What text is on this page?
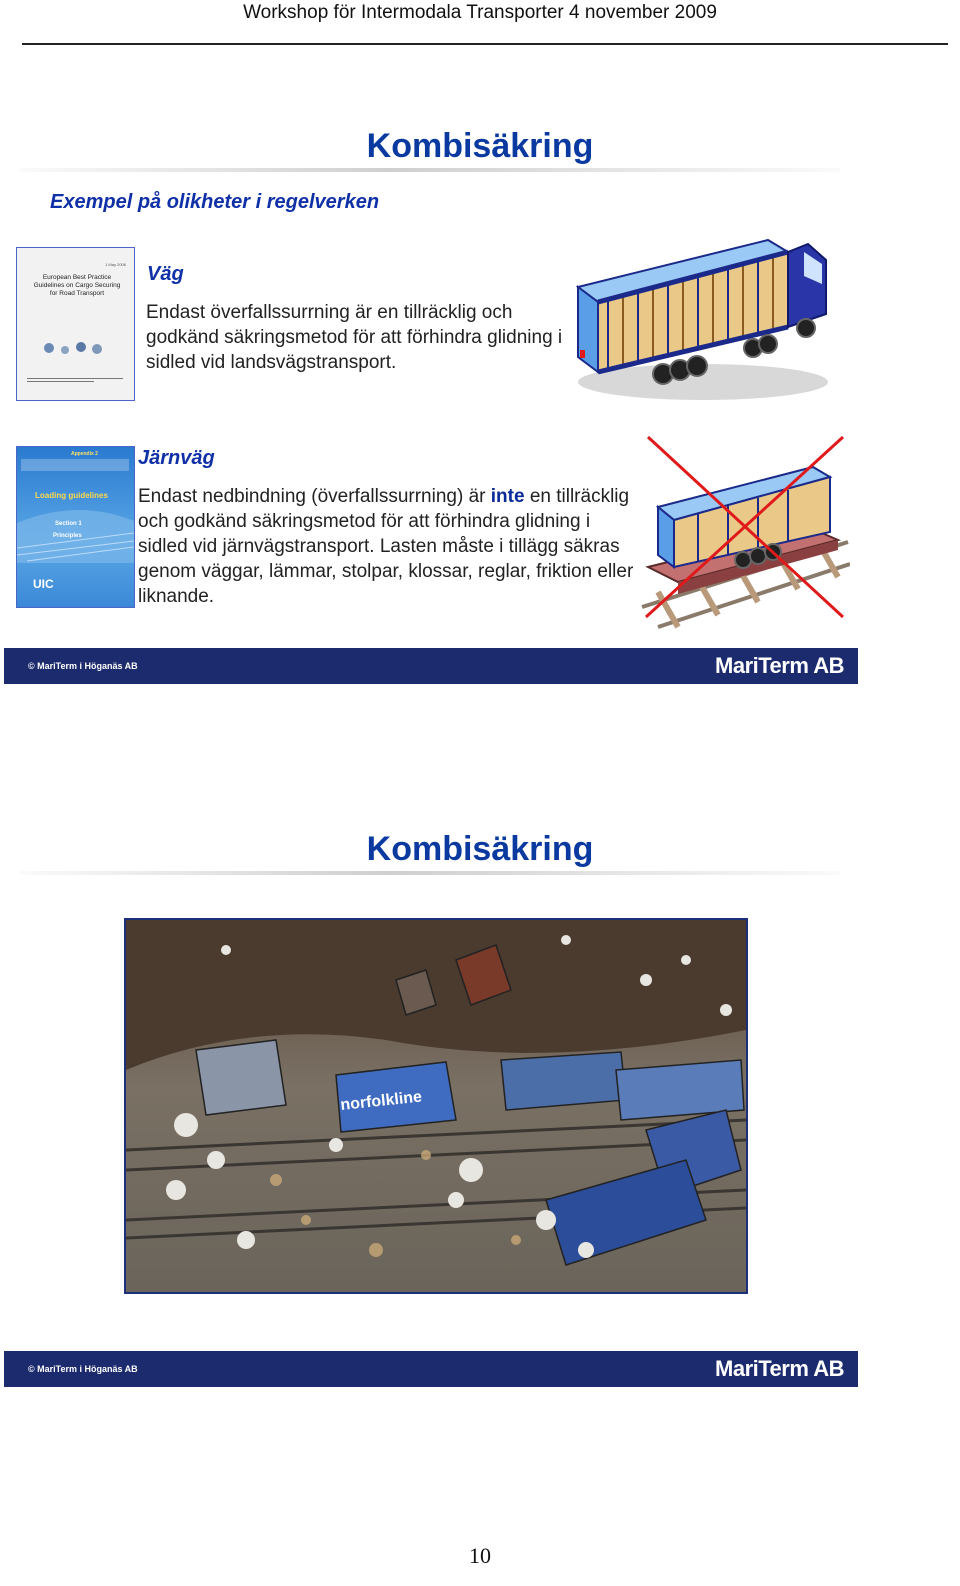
Workshop för Intermodala Transporter 4 november 2009
Kombisäkring
Exempel på olikheter i regelverken
1 May 2006
European Best Practice Guidelines on Cargo Securing for Road Transport
Väg
Endast överfallssurrning är en tillräcklig och godkänd säkringsmetod för att förhindra glidning i sidled vid landsvägstransport.
Appendix 2
Loading guidelines
Section 1
Principles
UIC
Järnväg
Endast nedbindning (överfallssurrning) är inte en tillräcklig och godkänd säkringsmetod för att förhindra glidning i sidled vid järnvägstransport. Lasten måste i tillägg säkras genom väggar, lämmar, stolpar, klossar, reglar, friktion eller liknande.
© MariTerm i Höganäs AB	MariTerm AB
Kombisäkring
norfolkline
© MariTerm i Höganäs AB	MariTerm AB
10
